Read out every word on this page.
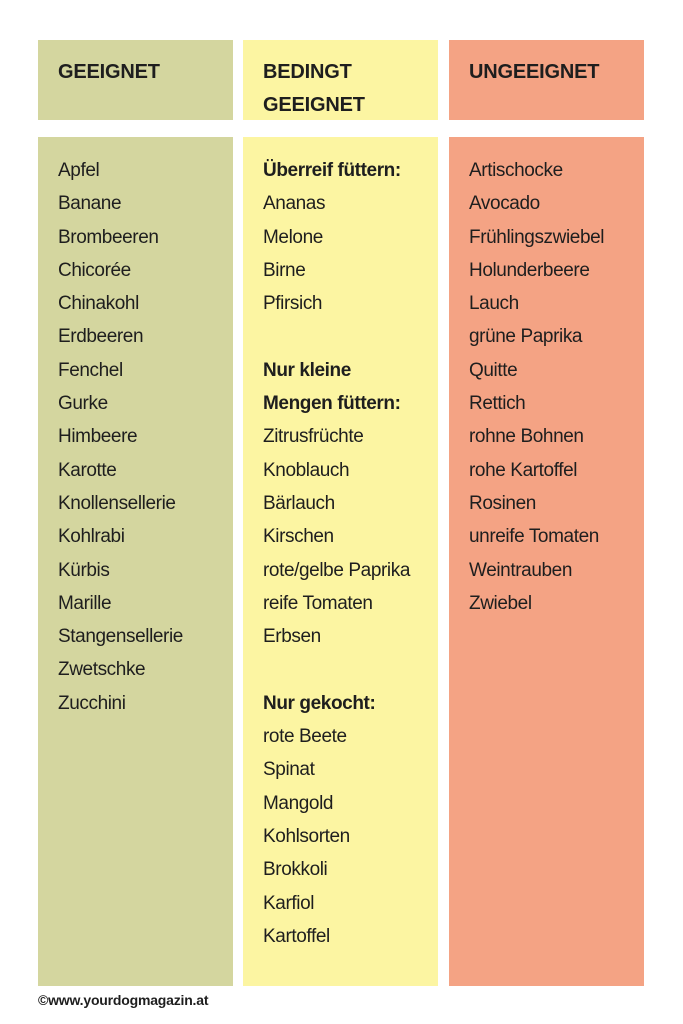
GEEIGNET	BEDINGT
GEEIGNET
UNGEEIGNET
Apfel
Banane
Brombeeren
Chicorée
Chinakohl
Erdbeeren
Fenchel
Gurke
Himbeere
Karotte
Knollensellerie
Kohlrabi
Kürbis
Marille
Stangensellerie
Zwetschke
Zucchini
Überreif füttern:
Ananas
Melone
Birne
Pfirsich
Nur kleine
Mengen füttern:
Zitrusfrüchte
Knoblauch
Bärlauch
Kirschen
rote/gelbe Paprika
reife Tomaten
Erbsen
Nur gekocht:
rote Beete
Spinat
Mangold
Kohlsorten
Brokkoli
Karfiol
Kartoffel
Artischocke
Avocado
Frühlingszwiebel
Holunderbeere
Lauch
grüne Paprika
Quitte
Rettich
rohne Bohnen
rohe Kartoffel
Rosinen
unreife Tomaten
Weintrauben
Zwiebel
©www.yourdogmagazin.at
